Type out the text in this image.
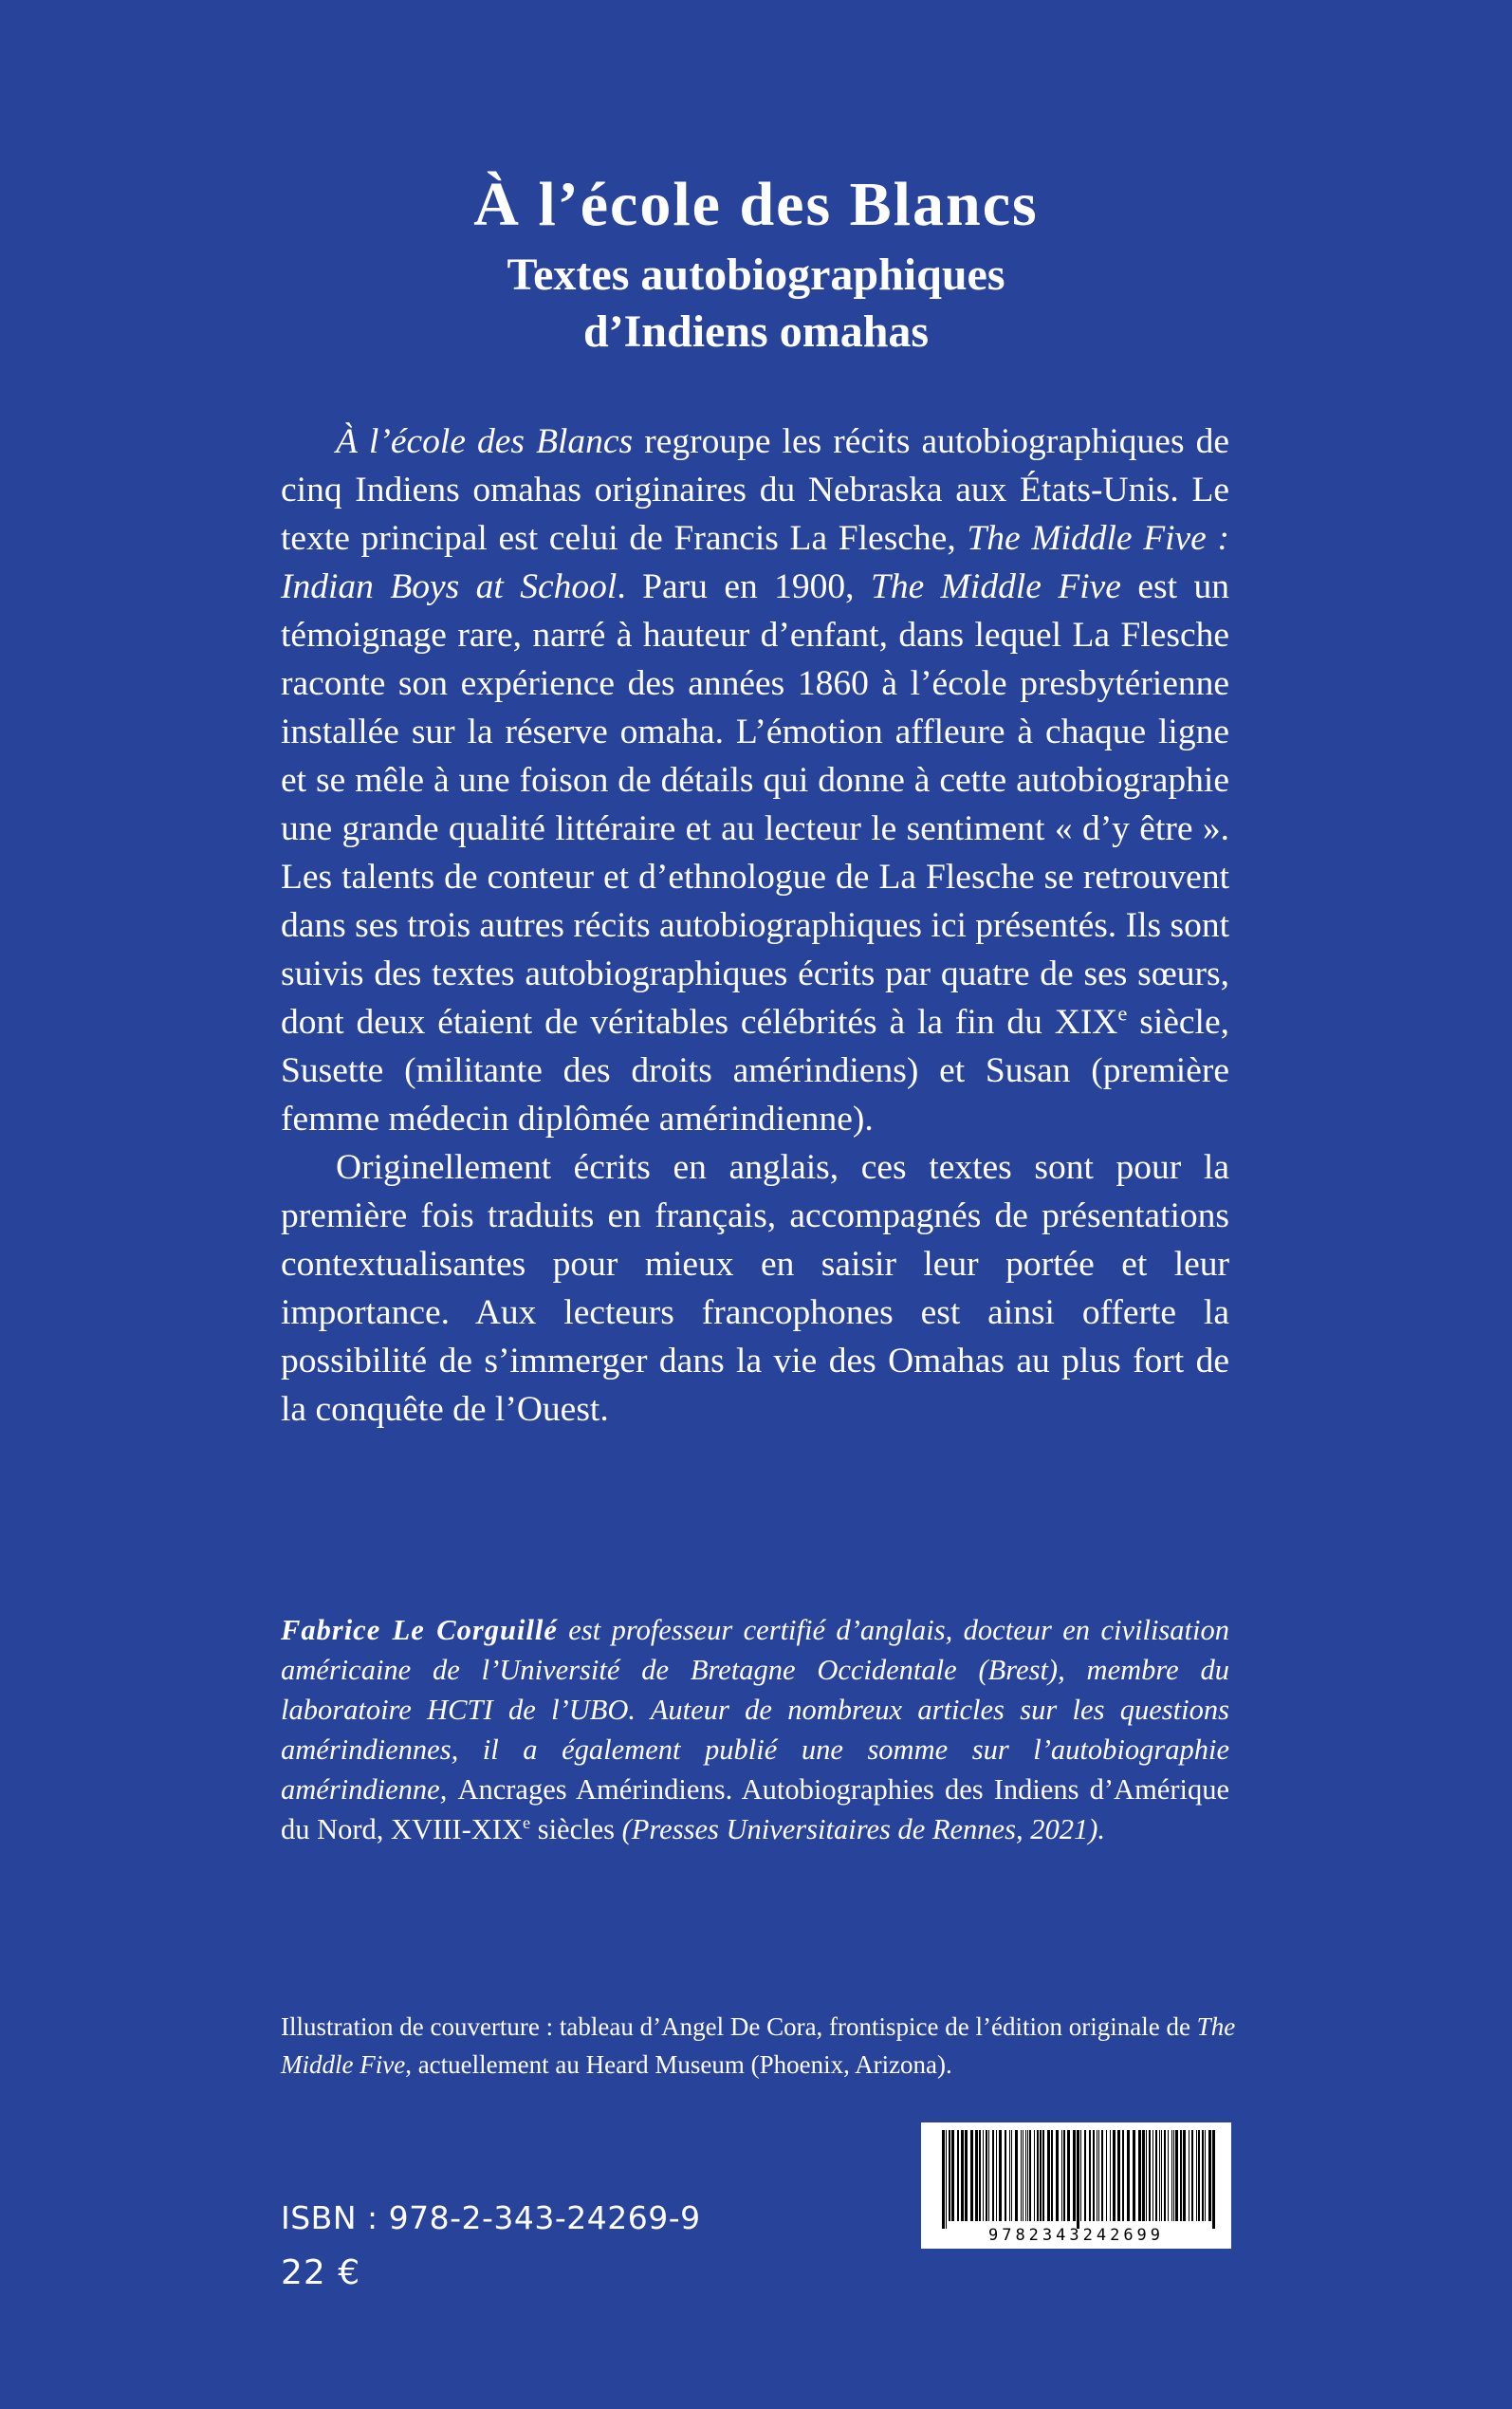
À l’école des Blancs
Textes autobiographiques
d’Indiens omahas

À l’école des Blancs regroupe les récits autobiographiques de cinq Indiens omahas originaires du Nebraska aux États-Unis. Le texte principal est celui de Francis La Flesche, The Middle Five : Indian Boys at School. Paru en 1900, The Middle Five est un témoignage rare, narré à hauteur d’enfant, dans lequel La Flesche raconte son expérience des années 1860 à l’école presbytérienne installée sur la réserve omaha. L’émotion affleure à chaque ligne et se mêle à une foison de détails qui donne à cette autobiographie une grande qualité littéraire et au lecteur le sentiment « d’y être ». Les talents de conteur et d’ethnologue de La Flesche se retrouvent dans ses trois autres récits autobiographiques ici présentés. Ils sont suivis des textes autobiographiques écrits par quatre de ses sœurs, dont deux étaient de véritables célébrités à la fin du XIXe siècle, Susette (militante des droits amérindiens) et Susan (première femme médecin diplômée amérindienne).

Originellement écrits en anglais, ces textes sont pour la première fois traduits en français, accompagnés de présentations contextualisantes pour mieux en saisir leur portée et leur importance. Aux lecteurs francophones est ainsi offerte la possibilité de s’immerger dans la vie des Omahas au plus fort de la conquête de l’Ouest.

Fabrice Le Corguillé est professeur certifié d’anglais, docteur en civilisation américaine de l’Université de Bretagne Occidentale (Brest), membre du laboratoire HCTI de l’UBO. Auteur de nombreux articles sur les questions amérindiennes, il a également publié une somme sur l’autobiographie amérindienne, Ancrages Amérindiens. Autobiographies des Indiens d’Amérique du Nord, XVIII-XIXe siècles (Presses Universitaires de Rennes, 2021).

Illustration de couverture : tableau d’Angel De Cora, frontispice de l’édition originale de The Middle Five, actuellement au Heard Museum (Phoenix, Arizona).

9782343242699

ISBN : 978-2-343-24269-9

22 €
